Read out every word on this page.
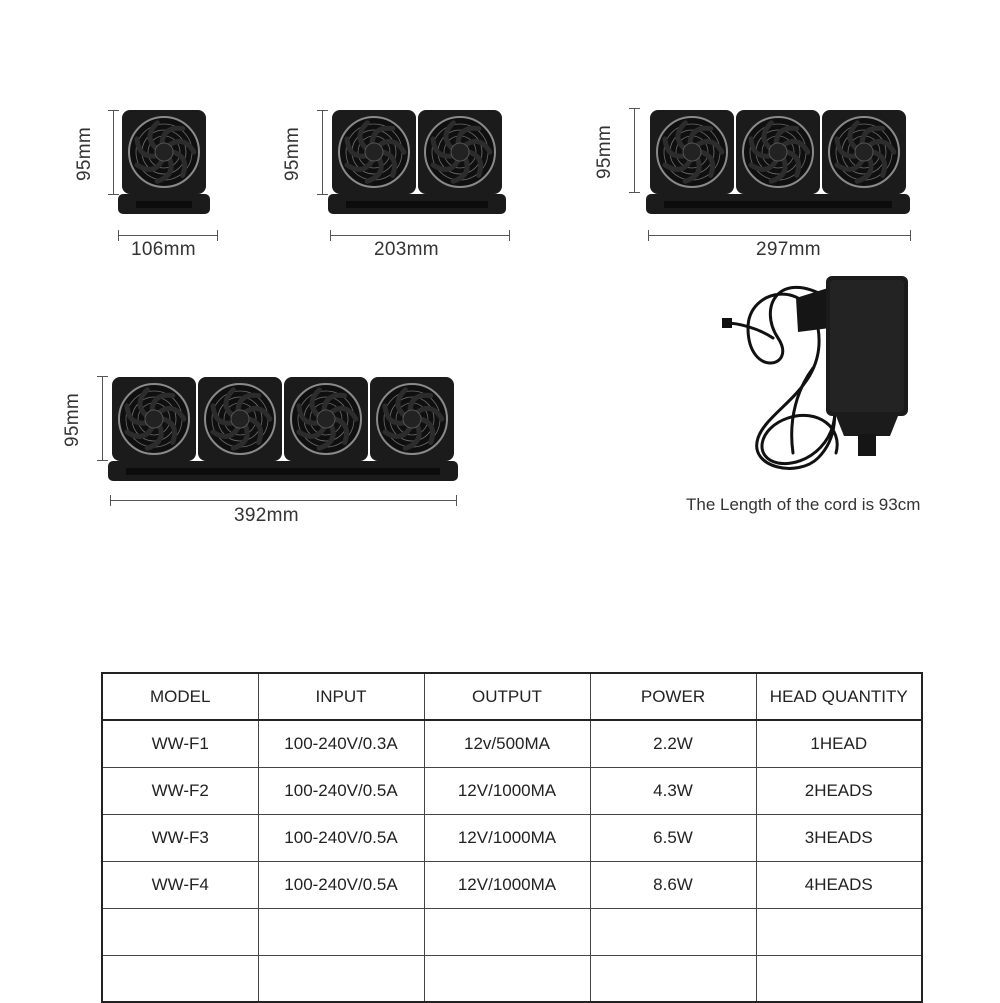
95mm
106mm
95mm
203mm
95mm
297mm
95mm
392mm
The Length of the cord is 93cm
MODEL	INPUT	OUTPUT	POWER	HEAD QUANTITY
WW-F1	100-240V/0.3A	12v/500MA	2.2W	1HEAD
WW-F2	100-240V/0.5A	12V/1000MA	4.3W	2HEADS
WW-F3	100-240V/0.5A	12V/1000MA	6.5W	3HEADS
WW-F4	100-240V/0.5A	12V/1000MA	8.6W	4HEADS
